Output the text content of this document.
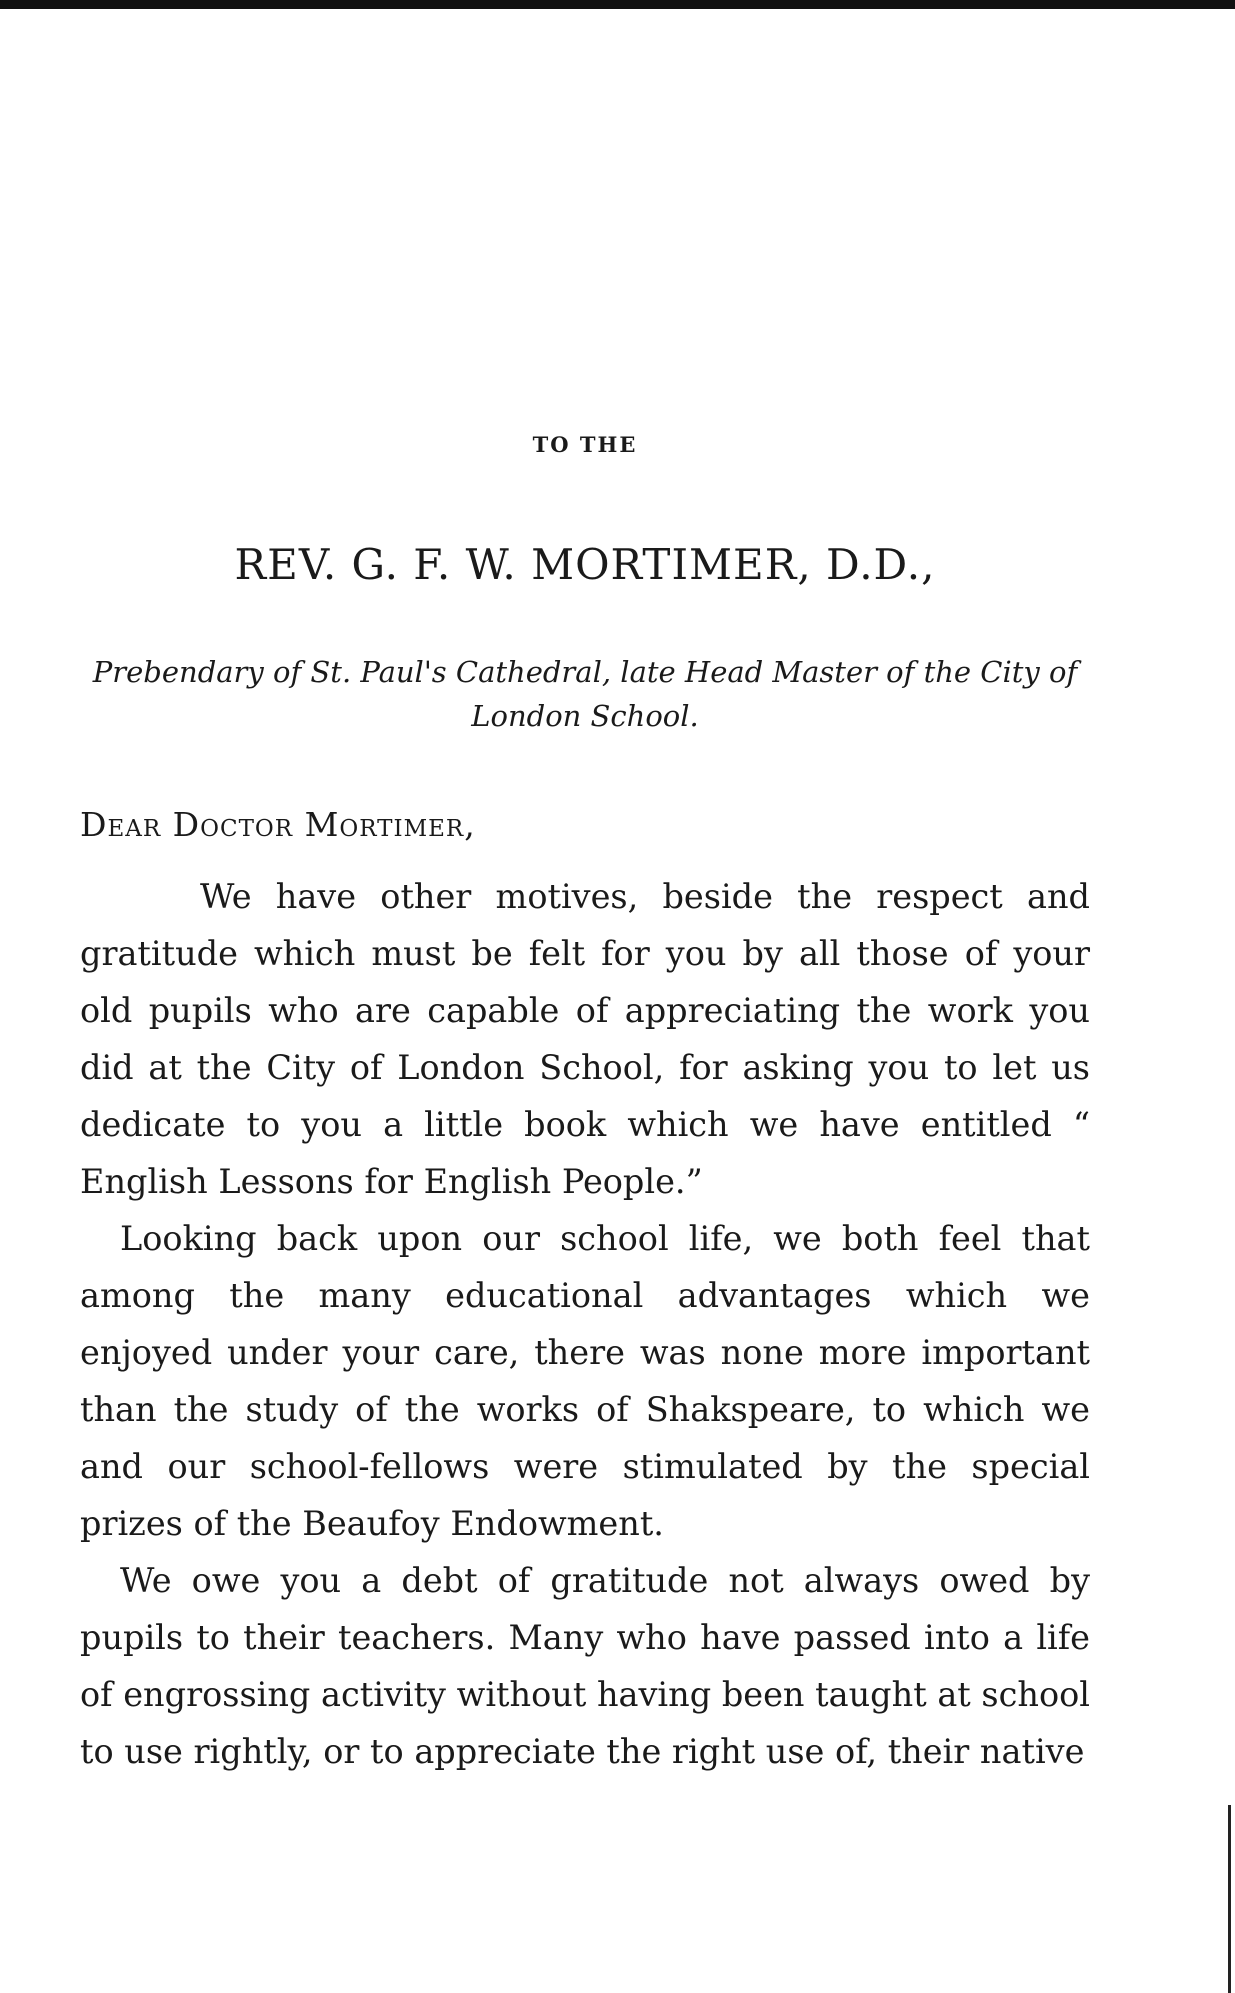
TO THE
REV. G. F. W. MORTIMER, D.D.,
Prebendary of St. Paul's Cathedral, late Head Master of the City of
London School.
Dear Doctor Mortimer,

We have other motives, beside the respect and gratitude which must be felt for you by all those of your old pupils who are capable of appreciating the work you did at the City of London School, for asking you to let us dedicate to you a little book which we have entitled “ English Lessons for English People.”

Looking back upon our school life, we both feel that among the many educational advantages which we enjoyed under your care, there was none more important than the study of the works of Shakspeare, to which we and our school-fellows were stimulated by the special prizes of the Beaufoy Endowment.

We owe you a debt of gratitude not always owed by pupils to their teachers. Many who have passed into a life of engrossing activity without having been taught at school to use rightly, or to appreciate the right use of, their native
